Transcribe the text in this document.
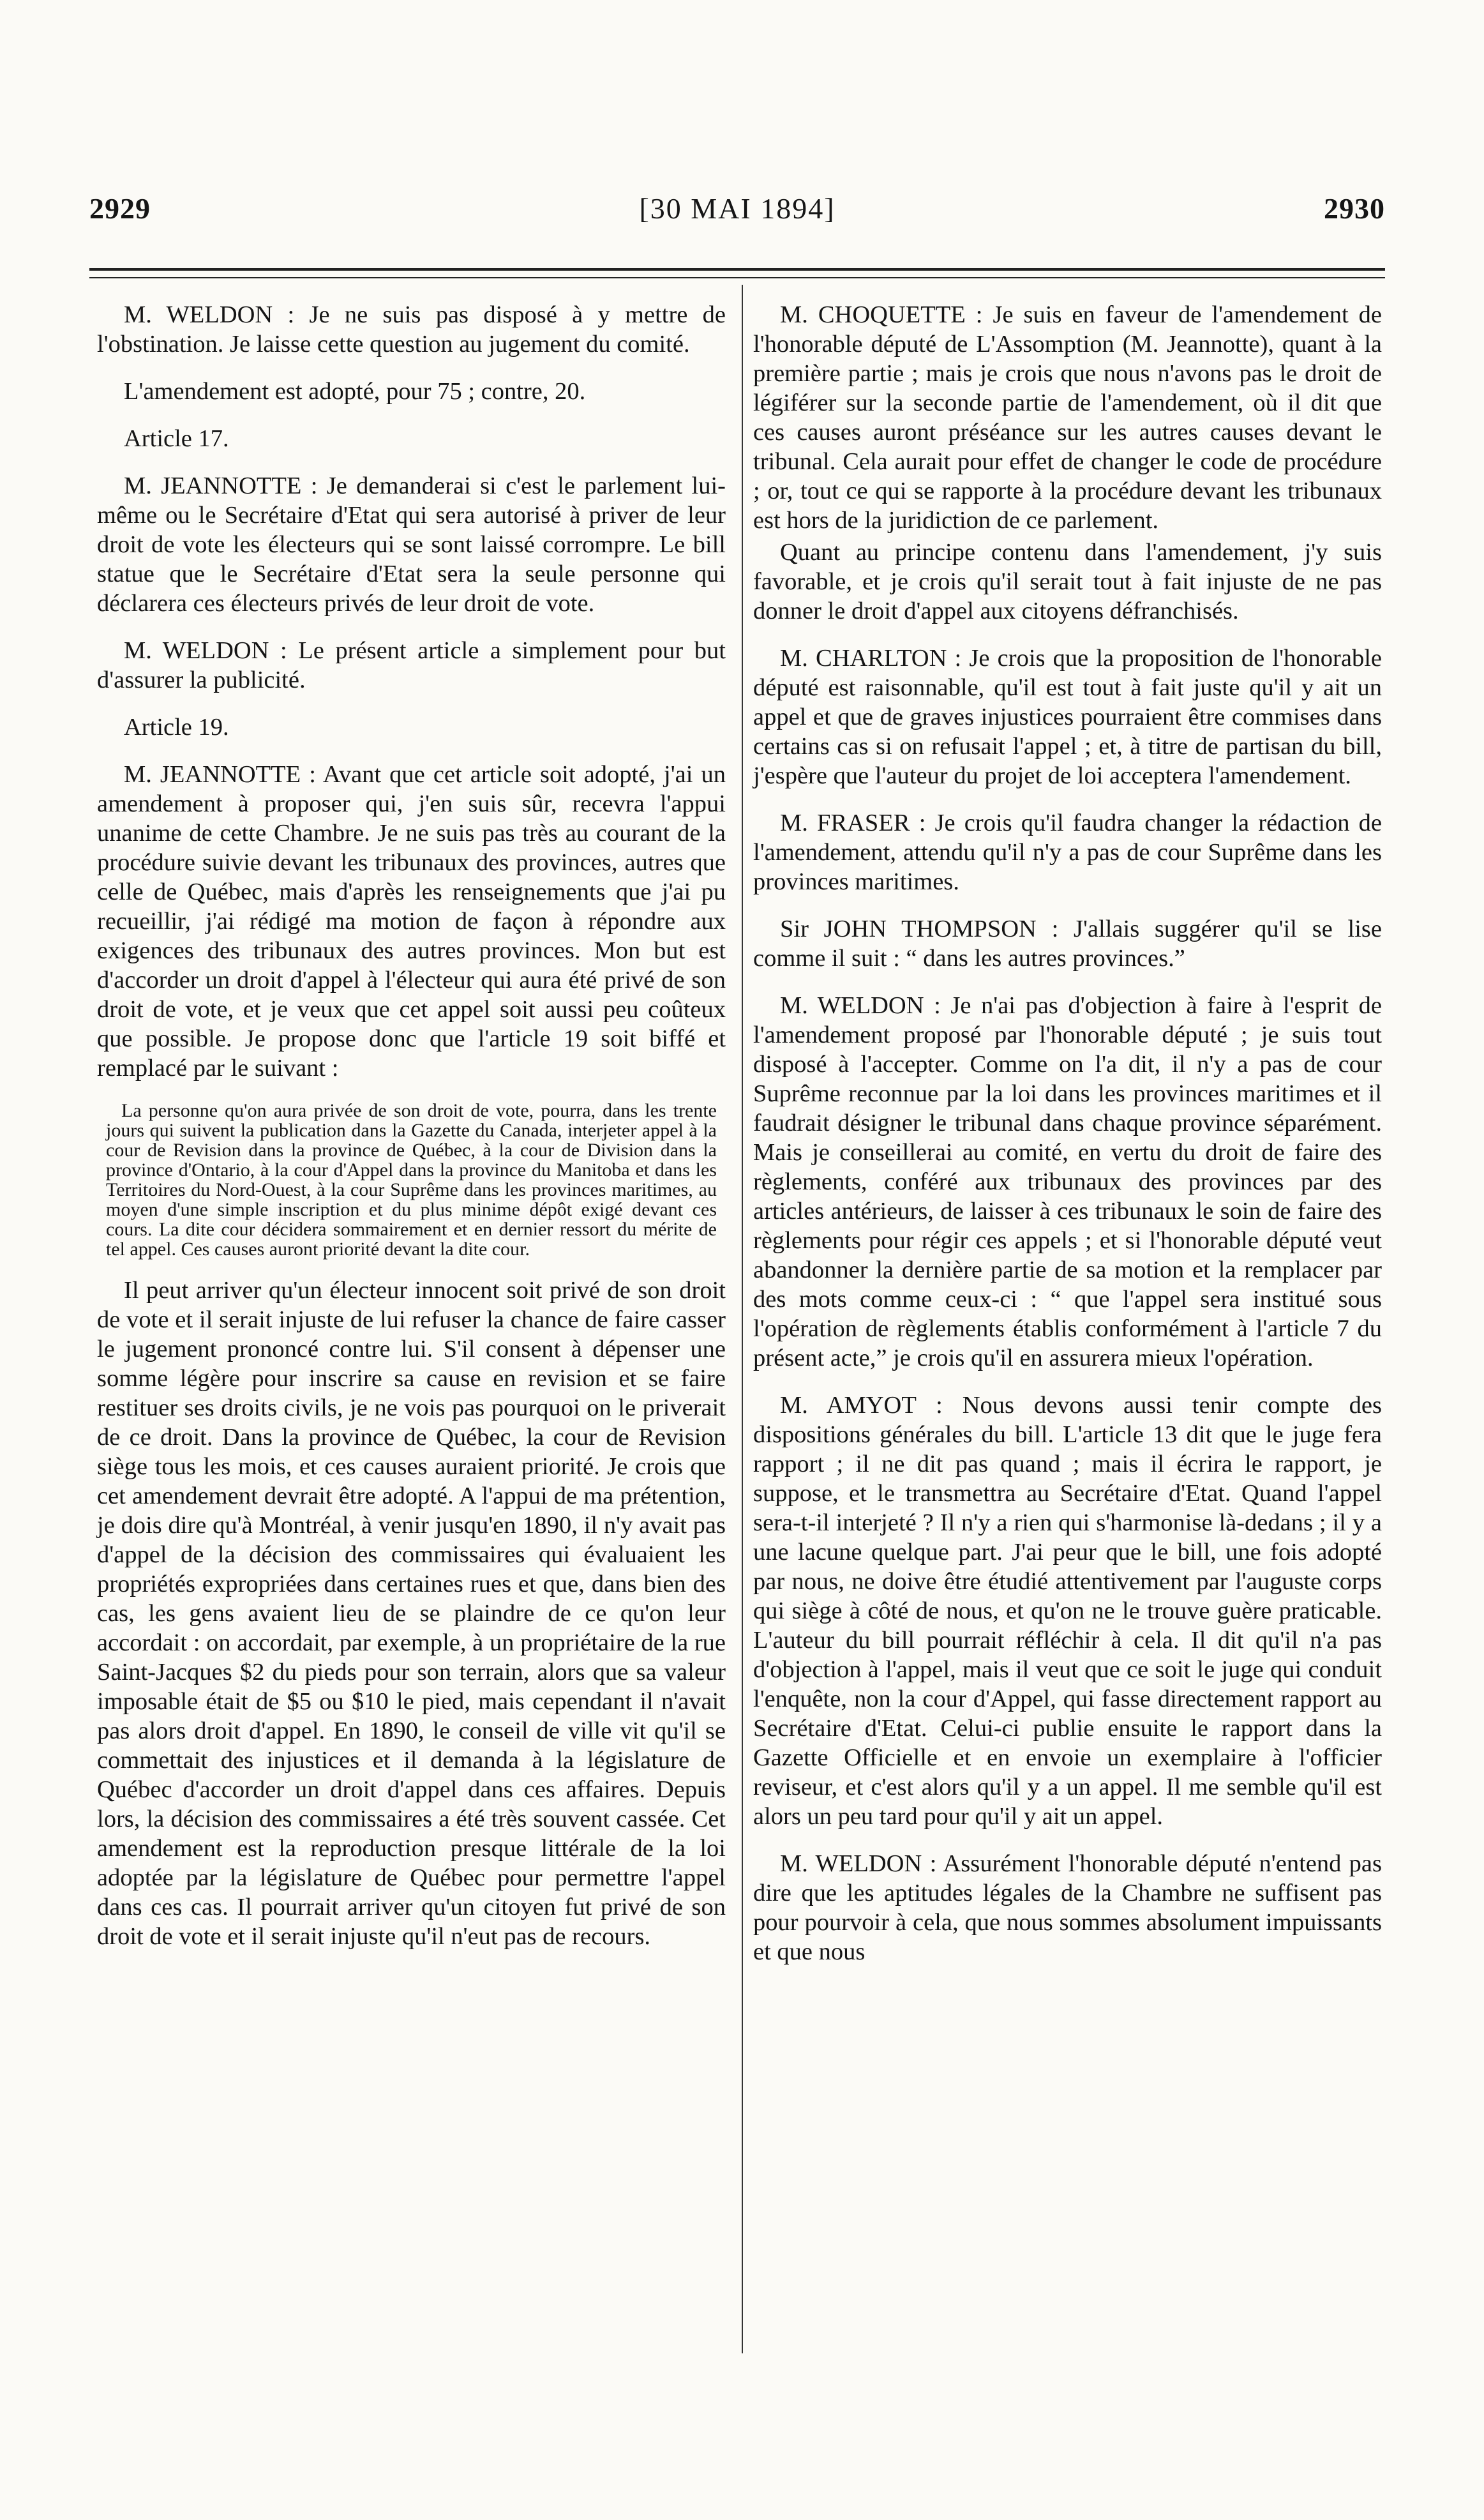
2929	[30 MAI 1894]	2930

M. WELDON : Je ne suis pas disposé à y mettre de l'obstination. Je laisse cette question au jugement du comité.

L'amendement est adopté, pour 75 ; contre, 20.

Article 17.

M. JEANNOTTE : Je demanderai si c'est le parlement lui-même ou le Secrétaire d'Etat qui sera autorisé à priver de leur droit de vote les électeurs qui se sont laissé corrompre. Le bill statue que le Secrétaire d'Etat sera la seule personne qui déclarera ces électeurs privés de leur droit de vote.

M. WELDON : Le présent article a simplement pour but d'assurer la publicité.

Article 19.

M. JEANNOTTE : Avant que cet article soit adopté, j'ai un amendement à proposer qui, j'en suis sûr, recevra l'appui unanime de cette Chambre. Je ne suis pas très au courant de la procédure suivie devant les tribunaux des provinces, autres que celle de Québec, mais d'après les renseignements que j'ai pu recueillir, j'ai rédigé ma motion de façon à répondre aux exigences des tribunaux des autres provinces. Mon but est d'accorder un droit d'appel à l'électeur qui aura été privé de son droit de vote, et je veux que cet appel soit aussi peu coûteux que possible. Je propose donc que l'article 19 soit biffé et remplacé par le suivant :

La personne qu'on aura privée de son droit de vote, pourra, dans les trente jours qui suivent la publication dans la Gazette du Canada, interjeter appel à la cour de Revision dans la province de Québec, à la cour de Division dans la province d'Ontario, à la cour d'Appel dans la province du Manitoba et dans les Territoires du Nord-Ouest, à la cour Suprême dans les provinces maritimes, au moyen d'une simple inscription et du plus minime dépôt exigé devant ces cours. La dite cour décidera sommairement et en dernier ressort du mérite de tel appel. Ces causes auront priorité devant la dite cour.

Il peut arriver qu'un électeur innocent soit privé de son droit de vote et il serait injuste de lui refuser la chance de faire casser le jugement prononcé contre lui. S'il consent à dépenser une somme légère pour inscrire sa cause en revision et se faire restituer ses droits civils, je ne vois pas pourquoi on le priverait de ce droit. Dans la province de Québec, la cour de Revision siège tous les mois, et ces causes auraient priorité. Je crois que cet amendement devrait être adopté. A l'appui de ma prétention, je dois dire qu'à Montréal, à venir jusqu'en 1890, il n'y avait pas d'appel de la décision des commissaires qui évaluaient les propriétés expropriées dans certaines rues et que, dans bien des cas, les gens avaient lieu de se plaindre de ce qu'on leur accordait : on accordait, par exemple, à un propriétaire de la rue Saint-Jacques $2 du pieds pour son terrain, alors que sa valeur imposable était de $5 ou $10 le pied, mais cependant il n'avait pas alors droit d'appel. En 1890, le conseil de ville vit qu'il se commettait des injustices et il demanda à la législature de Québec d'accorder un droit d'appel dans ces affaires. Depuis lors, la décision des commissaires a été très souvent cassée. Cet amendement est la reproduction presque littérale de la loi adoptée par la législature de Québec pour permettre l'appel dans ces cas. Il pourrait arriver qu'un citoyen fut privé de son droit de vote et il serait injuste qu'il n'eut pas de recours.

M. CHOQUETTE : Je suis en faveur de l'amendement de l'honorable député de L'Assomption (M. Jeannotte), quant à la première partie ; mais je crois que nous n'avons pas le droit de légiférer sur la seconde partie de l'amendement, où il dit que ces causes auront préséance sur les autres causes devant le tribunal. Cela aurait pour effet de changer le code de procédure ; or, tout ce qui se rapporte à la procédure devant les tribunaux est hors de la juridiction de ce parlement.

Quant au principe contenu dans l'amendement, j'y suis favorable, et je crois qu'il serait tout à fait injuste de ne pas donner le droit d'appel aux citoyens défranchisés.

M. CHARLTON : Je crois que la proposition de l'honorable député est raisonnable, qu'il est tout à fait juste qu'il y ait un appel et que de graves injustices pourraient être commises dans certains cas si on refusait l'appel ; et, à titre de partisan du bill, j'espère que l'auteur du projet de loi acceptera l'amendement.

M. FRASER : Je crois qu'il faudra changer la rédaction de l'amendement, attendu qu'il n'y a pas de cour Suprême dans les provinces maritimes.

Sir JOHN THOMPSON : J'allais suggérer qu'il se lise comme il suit : “ dans les autres provinces.”

M. WELDON : Je n'ai pas d'objection à faire à l'esprit de l'amendement proposé par l'honorable député ; je suis tout disposé à l'accepter. Comme on l'a dit, il n'y a pas de cour Suprême reconnue par la loi dans les provinces maritimes et il faudrait désigner le tribunal dans chaque province séparément. Mais je conseillerai au comité, en vertu du droit de faire des règlements, conféré aux tribunaux des provinces par des articles antérieurs, de laisser à ces tribunaux le soin de faire des règlements pour régir ces appels ; et si l'honorable député veut abandonner la dernière partie de sa motion et la remplacer par des mots comme ceux-ci : “ que l'appel sera institué sous l'opération de règlements établis conformément à l'article 7 du présent acte,” je crois qu'il en assurera mieux l'opération.

M. AMYOT : Nous devons aussi tenir compte des dispositions générales du bill. L'article 13 dit que le juge fera rapport ; il ne dit pas quand ; mais il écrira le rapport, je suppose, et le transmettra au Secrétaire d'Etat. Quand l'appel sera-t-il interjeté ? Il n'y a rien qui s'harmonise là-dedans ; il y a une lacune quelque part. J'ai peur que le bill, une fois adopté par nous, ne doive être étudié attentivement par l'auguste corps qui siège à côté de nous, et qu'on ne le trouve guère praticable. L'auteur du bill pourrait réfléchir à cela. Il dit qu'il n'a pas d'objection à l'appel, mais il veut que ce soit le juge qui conduit l'enquête, non la cour d'Appel, qui fasse directement rapport au Secrétaire d'Etat. Celui-ci publie ensuite le rapport dans la Gazette Officielle et en envoie un exemplaire à l'officier reviseur, et c'est alors qu'il y a un appel. Il me semble qu'il est alors un peu tard pour qu'il y ait un appel.

M. WELDON : Assurément l'honorable député n'entend pas dire que les aptitudes légales de la Chambre ne suffisent pas pour pourvoir à cela, que nous sommes absolument impuissants et que nous
